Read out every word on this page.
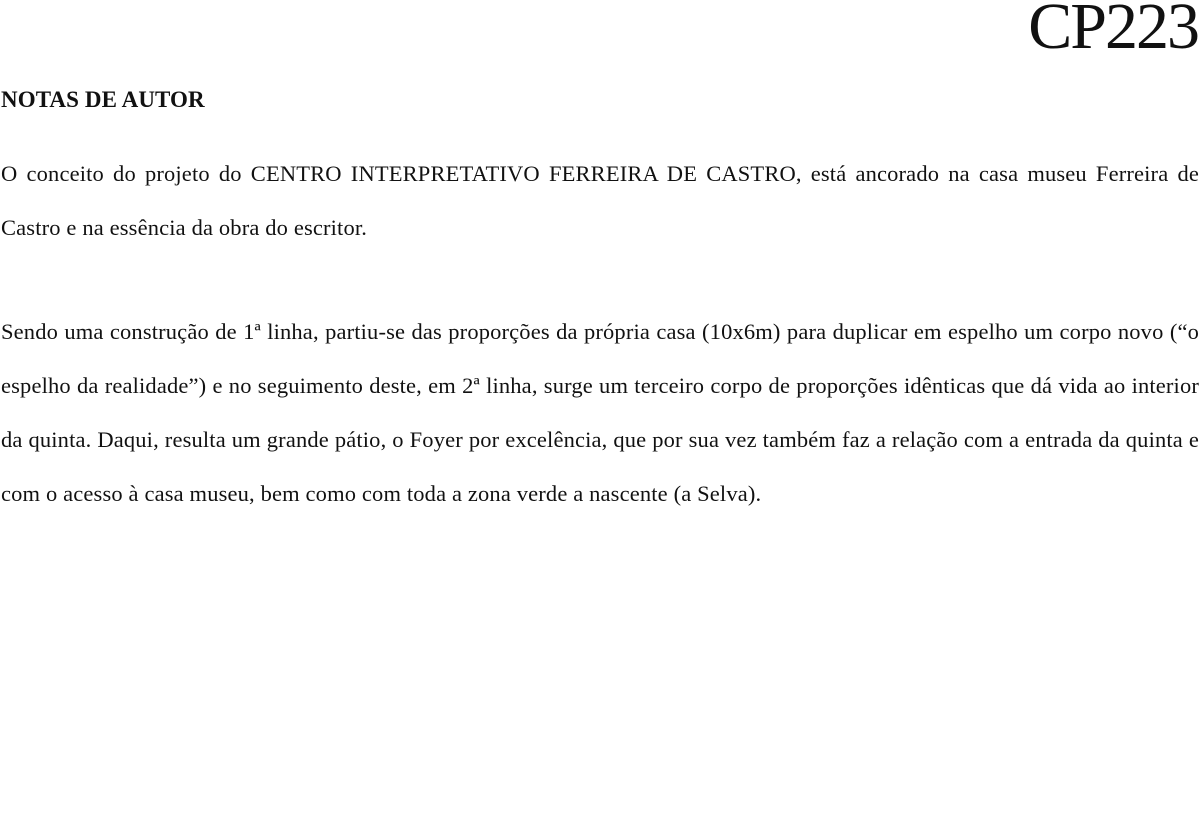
CP223
NOTAS DE AUTOR

O conceito do projeto do CENTRO INTERPRETATIVO FERREIRA DE CASTRO, está ancorado na casa museu Ferreira de Castro e na essência da obra do escritor.

Sendo uma construção de 1ª linha, partiu-se das proporções da própria casa (10x6m) para duplicar em espelho um corpo novo (“o espelho da realidade”) e no seguimento deste, em 2ª linha, surge um terceiro corpo de proporções idênticas que dá vida ao interior da quinta. Daqui, resulta um grande pátio, o Foyer por excelência, que por sua vez também faz a relação com a entrada da quinta e com o acesso à casa museu, bem como com toda a zona verde a nascente (a Selva).
